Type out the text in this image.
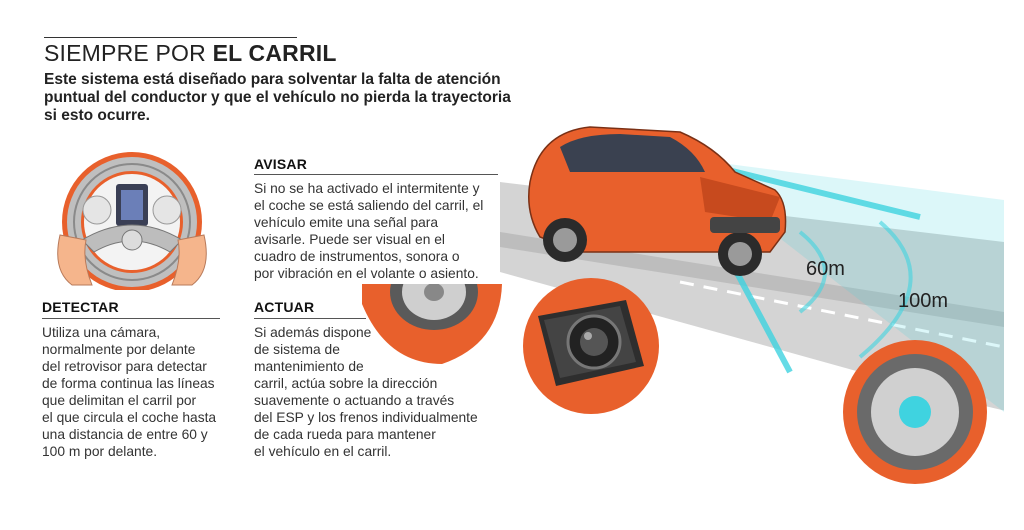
SIEMPRE POR EL CARRIL
Este sistema está diseñado para solventar la falta de atención puntual del conductor y que el vehículo no pierda la trayectoria si esto ocurre.
AVISAR
Si no se ha activado el intermitente y
el coche se está saliendo del carril, el
vehículo emite una señal para
avisarle. Puede ser visual en el
cuadro de instrumentos, sonora o
por vibración en el volante o asiento.
DETECTAR
Utiliza una cámara,
normalmente por delante
del retrovisor para detectar
de forma continua las líneas
que delimitan el carril por
el que circula el coche hasta
una distancia de entre 60 y
100 m por delante.
ACTUAR
Si además dispone
de sistema de
mantenimiento de
carril, actúa sobre la dirección
suavemente o actuando a través
del ESP y los frenos individualmente
de cada rueda para mantener
el vehículo en el carril.
60m
100m
